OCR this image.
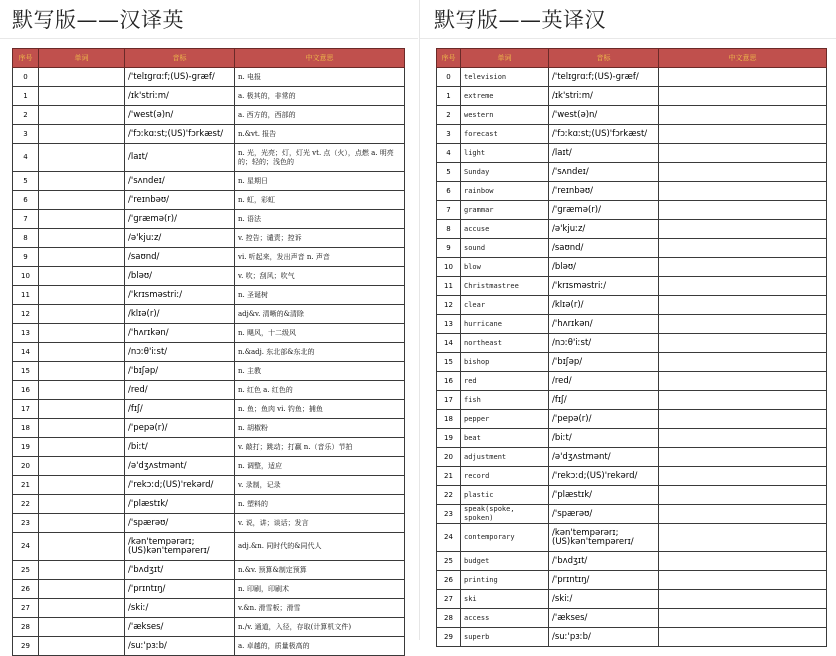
默写版——汉译英
序号	单词	音标	中文意思
0		/'telɪɡrɑːf;(US)-ɡræf/	n. 电报
1		/ɪk'striːm/	a. 极其的，非常的
2		/'west(ə)n/	a. 西方的，西部的
3		/'fɔːkɑːst;(US)'fɔrkæst/	n.&vt. 报告
4		/laɪt/	n. 光，光亮；灯，灯光 vt. 点（火），点燃 a. 明亮的；轻的；浅色的
5		/'sʌndeɪ/	n. 星期日
6		/'reɪnbəʊ/	n. 虹，彩虹
7		/'ɡræmə(r)/	n. 语法
8		/ə'kjuːz/	v. 控告；谴责；控诉
9		/saʊnd/	vi. 听起来，发出声音 n. 声音
10		/bləʊ/	v. 吹；刮风；吹气
11		/'krɪsməstriː/	n. 圣诞树
12		/klɪə(r)/	adj&v. 清晰的&清除
13		/'hʌrɪkən/	n. 飓风，十二级风
14		/nɔːθ'iːst/	n.&adj. 东北部&东北的
15		/'bɪʃəp/	n. 主教
16		/red/	n. 红色 a. 红色的
17		/fɪʃ/	n. 鱼；鱼肉 vi. 钓鱼；捕鱼
18		/'pepə(r)/	n. 胡椒粉
19		/biːt/	v. 敲打；跳动；打赢 n.（音乐）节拍
20		/ə'dʒʌstmənt/	n. 调整，适应
21		/'rekɔːd;(US)'rekərd/	v. 录制，记录
22		/'plæstɪk/	n. 塑料的
23		/'spærəʊ/	v. 说，讲；谈话；发言
24		/kən'tempərərɪ;(US)kən'tempərerɪ/	adj.&n. 同时代的&同代人
25		/'bʌdʒɪt/	n.&v. 预算&制定预算
26		/'prɪntɪŋ/	n. 印刷，印刷术
27		/skiː/	v.&n. 滑雪板；滑雪
28		/'ækses/	n./v. 通道，入径，存取(计算机文件)
29		/suː'pɜːb/	a. 卓越的，质量极高的
默写版——英译汉
序号	单词	音标	中文意思
0	television	/'telɪɡrɑːf;(US)-ɡræf/	
1	extreme	/ɪk'striːm/	
2	western	/'west(ə)n/	
3	forecast	/'fɔːkɑːst;(US)'fɔrkæst/	
4	light	/laɪt/	
5	Sunday	/'sʌndeɪ/	
6	rainbow	/'reɪnbəʊ/	
7	grammar	/'ɡræmə(r)/	
8	accuse	/ə'kjuːz/	
9	sound	/saʊnd/	
10	blow	/bləʊ/	
11	Christmastree	/'krɪsməstriː/	
12	clear	/klɪə(r)/	
13	hurricane	/'hʌrɪkən/	
14	northeast	/nɔːθ'iːst/	
15	bishop	/'bɪʃəp/	
16	red	/red/	
17	fish	/fɪʃ/	
18	pepper	/'pepə(r)/	
19	beat	/biːt/	
20	adjustment	/ə'dʒʌstmənt/	
21	record	/'rekɔːd;(US)'rekərd/	
22	plastic	/'plæstɪk/	
23	speak(spoke, spoken)	/'spærəʊ/	
24	contemporary	/kən'tempərərɪ;(US)kən'tempərerɪ/	
25	budget	/'bʌdʒɪt/	
26	printing	/'prɪntɪŋ/	
27	ski	/skiː/	
28	access	/'ækses/	
29	superb	/suː'pɜːb/	
